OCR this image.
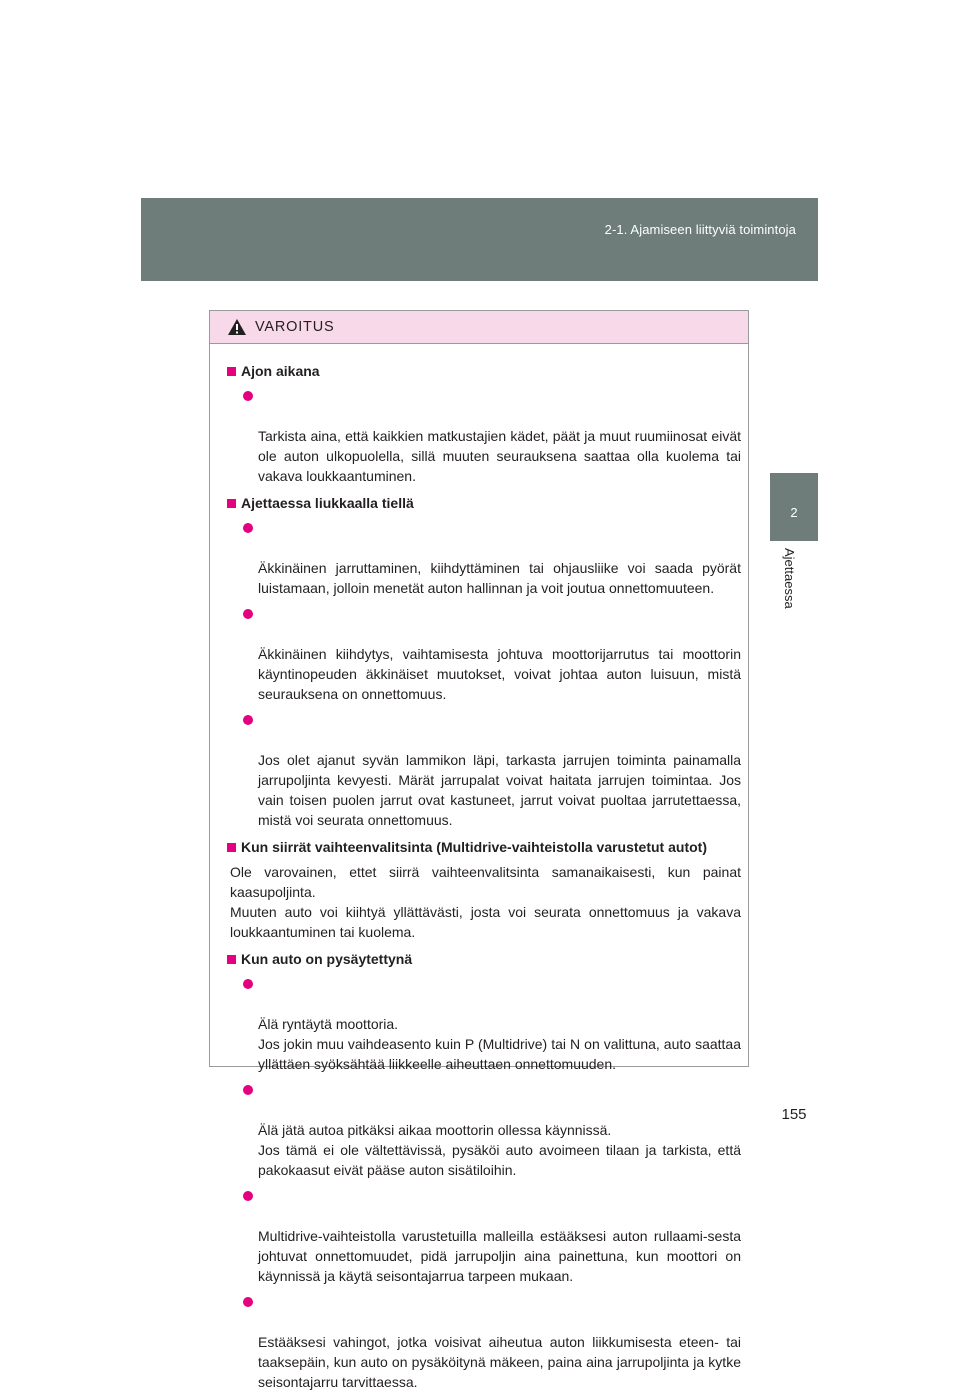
2-1. Ajamiseen liittyviä toimintoja
2
Ajettaessa
VAROITUS
Ajon aikana

Tarkista aina, että kaikkien matkustajien kädet, päät ja muut ruumiinosat eivät ole auton ulkopuolella, sillä muuten seurauksena saattaa olla kuolema tai vakava loukkaantuminen.

Ajettaessa liukkaalla tiellä

Äkkinäinen jarruttaminen, kiihdyttäminen tai ohjausliike voi saada pyörät luistamaan, jolloin menetät auton hallinnan ja voit joutua onnettomuuteen.

Äkkinäinen kiihdytys, vaihtamisesta johtuva moottorijarrutus tai moottorin käyntinopeuden äkkinäiset muutokset, voivat johtaa auton luisuun, mistä seurauksena on onnettomuus.

Jos olet ajanut syvän lammikon läpi, tarkasta jarrujen toiminta painamalla jarrupoljinta kevyesti. Märät jarrupalat voivat haitata jarrujen toimintaa. Jos vain toisen puolen jarrut ovat kastuneet, jarrut voivat puoltaa jarrutettaessa, mistä voi seurata onnettomuus.

Kun siirrät vaihteenvalitsinta (Multidrive-vaihteistolla varustetut autot)
Ole varovainen, ettet siirrä vaihteenvalitsinta samanaikaisesti, kun painat kaasupoljinta.
Muuten auto voi kiihtyä yllättävästi, josta voi seurata onnettomuus ja vakava loukkaantuminen tai kuolema.
Kun auto on pysäytettynä

Älä ryntäytä moottoria.
Jos jokin muu vaihdeasento kuin P (Multidrive) tai N on valittuna, auto saattaa yllättäen syöksähtää liikkeelle aiheuttaen onnettomuuden.

Älä jätä autoa pitkäksi aikaa moottorin ollessa käynnissä.
Jos tämä ei ole vältettävissä, pysäköi auto avoimeen tilaan ja tarkista, että pakokaasut eivät pääse auton sisätiloihin.

Multidrive-vaihteistolla varustetuilla malleilla estääksesi auton rullaami-sesta johtuvat onnettomuudet, pidä jarrupoljin aina painettuna, kun moottori on käynnissä ja käytä seisontajarrua tarpeen mukaan.

Estääksesi vahingot, jotka voisivat aiheutua auton liikkumisesta eteen- tai taaksepäin, kun auto on pysäköitynä mäkeen, paina aina jarrupoljinta ja kytke seisontajarru tarvittaessa.

155
